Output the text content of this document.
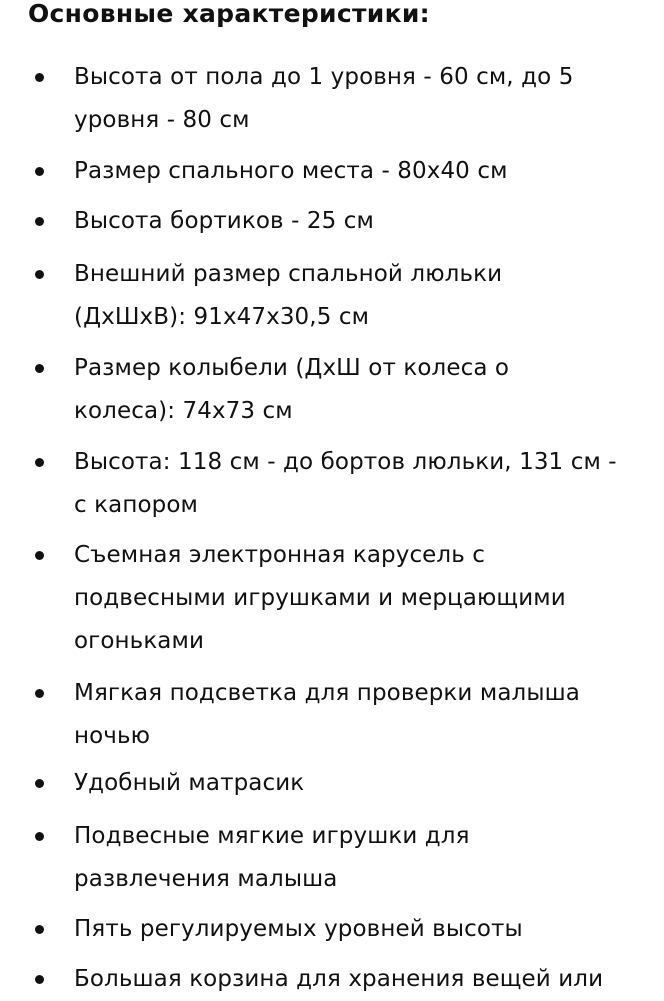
Основные характеристики:
Высота от пола до 1 уровня - 60 см, до 5
уровня - 80 см
Размер спального места - 80х40 см
Высота бортиков - 25 см
Внешний размер спальной люльки
(ДхШхВ): 91х47х30,5 см
Размер колыбели (ДхШ от колеса о
колеса): 74х73 см
Высота: 118 см - до бортов люльки, 131 см -
с капором
Съемная электронная карусель с
подвесными игрушками и мерцающими
огоньками
Мягкая подсветка для проверки малыша
ночью
Удобный матрасик
Подвесные мягкие игрушки для
развлечения малыша
Пять регулируемых уровней высоты
Большая корзина для хранения вещей или
